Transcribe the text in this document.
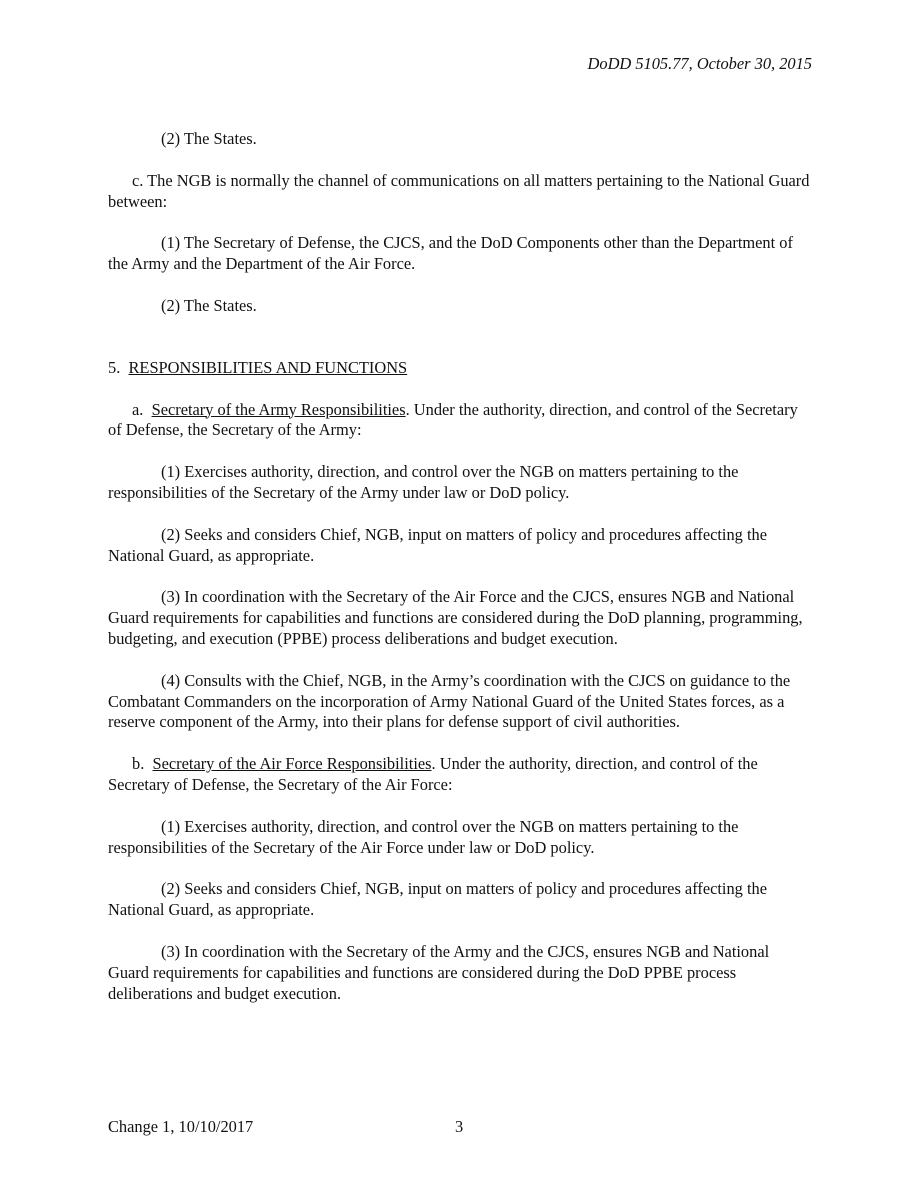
DoDD 5105.77, October 30, 2015

(2) The States.

c. The NGB is normally the channel of communications on all matters pertaining to the National Guard between:

(1) The Secretary of Defense, the CJCS, and the DoD Components other than the Department of the Army and the Department of the Air Force.

(2) The States.

5. RESPONSIBILITIES AND FUNCTIONS

a. Secretary of the Army Responsibilities. Under the authority, direction, and control of the Secretary of Defense, the Secretary of the Army:

(1) Exercises authority, direction, and control over the NGB on matters pertaining to the responsibilities of the Secretary of the Army under law or DoD policy.

(2) Seeks and considers Chief, NGB, input on matters of policy and procedures affecting the National Guard, as appropriate.

(3) In coordination with the Secretary of the Air Force and the CJCS, ensures NGB and National Guard requirements for capabilities and functions are considered during the DoD planning, programming, budgeting, and execution (PPBE) process deliberations and budget execution.

(4) Consults with the Chief, NGB, in the Army’s coordination with the CJCS on guidance to the Combatant Commanders on the incorporation of Army National Guard of the United States forces, as a reserve component of the Army, into their plans for defense support of civil authorities.

b. Secretary of the Air Force Responsibilities. Under the authority, direction, and control of the Secretary of Defense, the Secretary of the Air Force:

(1) Exercises authority, direction, and control over the NGB on matters pertaining to the responsibilities of the Secretary of the Air Force under law or DoD policy.

(2) Seeks and considers Chief, NGB, input on matters of policy and procedures affecting the National Guard, as appropriate.

(3) In coordination with the Secretary of the Army and the CJCS, ensures NGB and National Guard requirements for capabilities and functions are considered during the DoD PPBE process deliberations and budget execution.

Change 1, 10/10/2017	3
